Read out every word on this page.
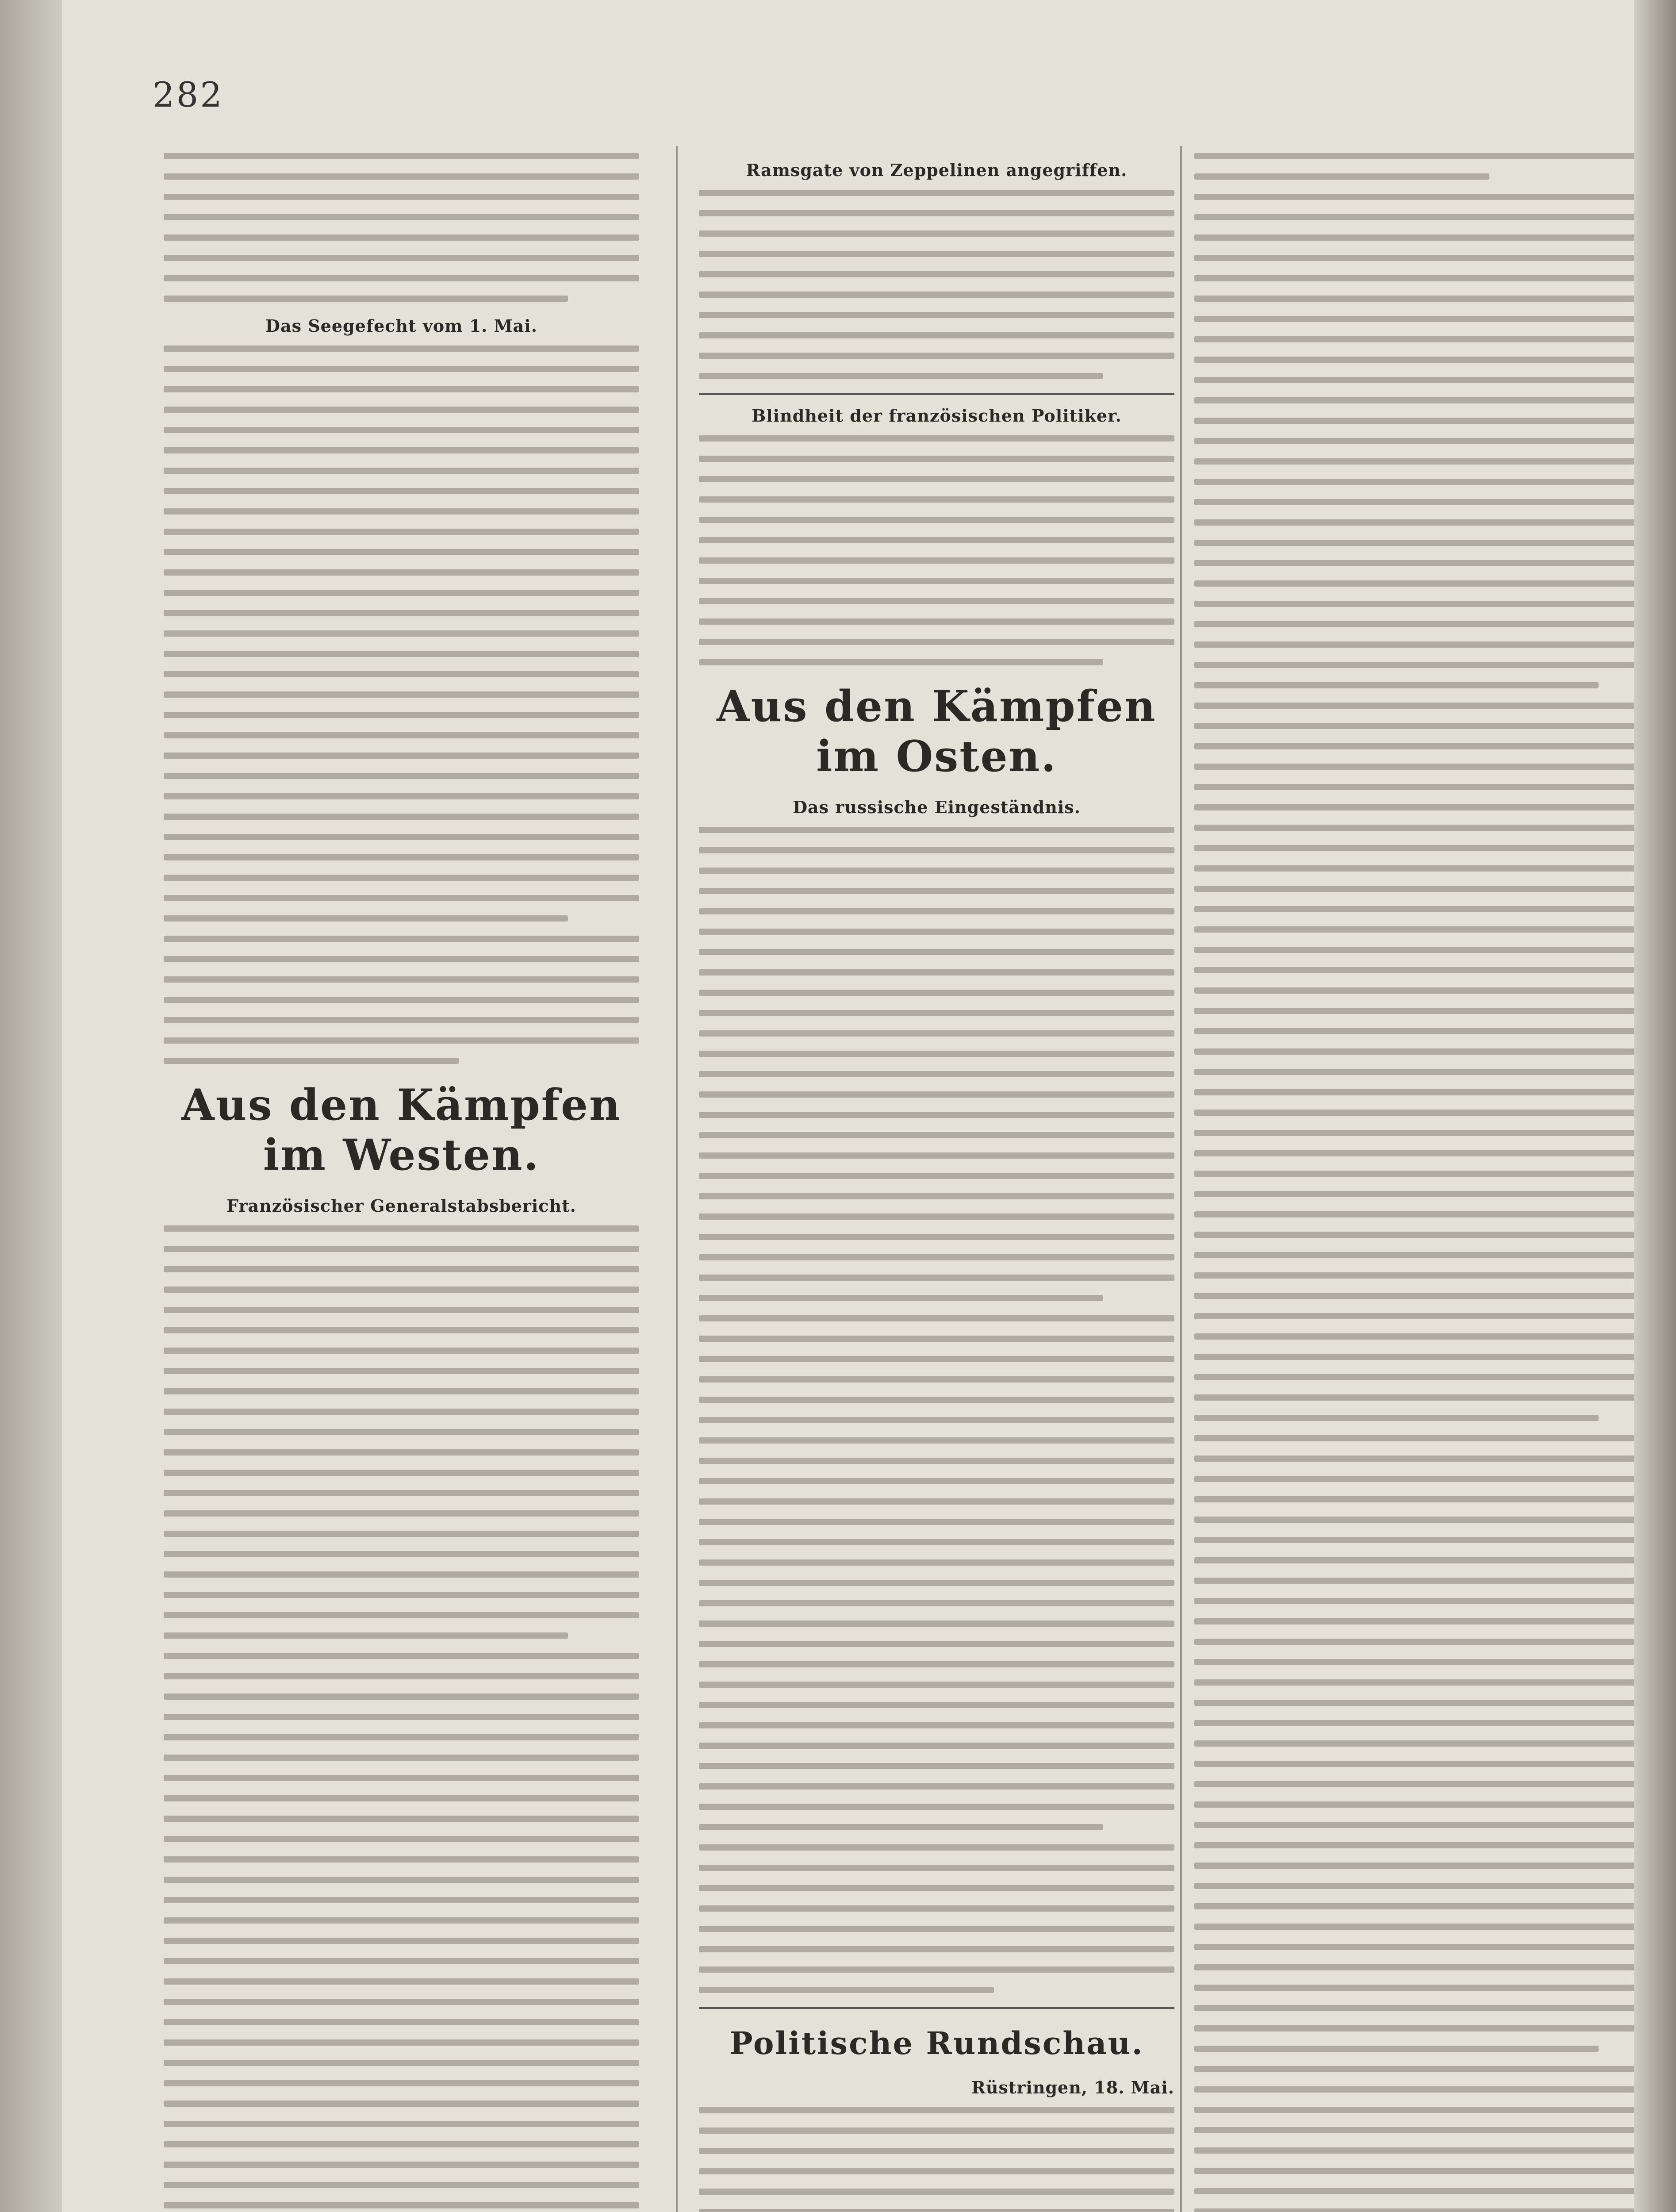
282

Das Seegefecht vom 1. Mai.

Aus den Kämpfen im Westen.
Französischer Generalstabsbericht.

Ramsgate von Zeppelinen angegriffen.

Blindheit der französischen Politiker.

Aus den Kämpfen im Osten.
Das russische Eingeständnis.

Politische Rundschau.
Rüstringen, 18. Mai.
